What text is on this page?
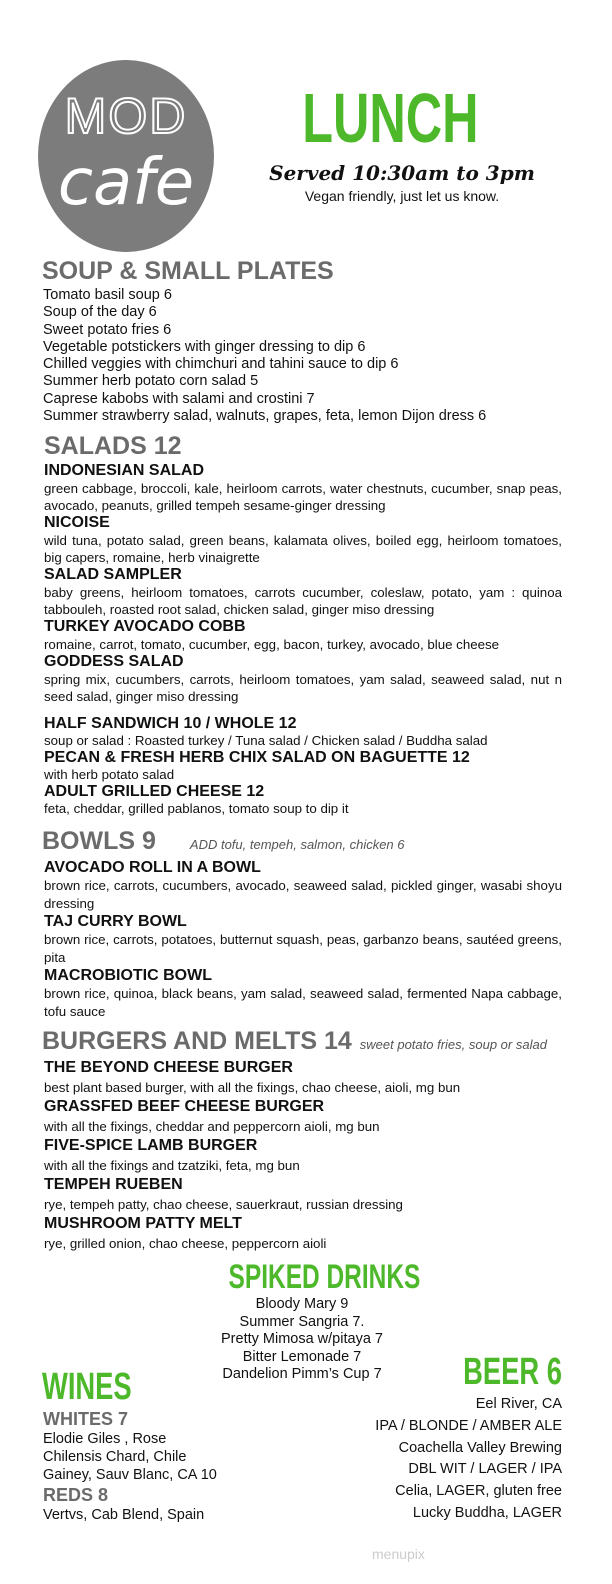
MOD
cafe
LUNCH
Served 10:30am to 3pm
Vegan friendly, just let us know.
SOUP & SMALL PLATES
Tomato basil soup 6
Soup of the day 6
Sweet potato fries 6
Vegetable potstickers with ginger dressing to dip 6
Chilled veggies with chimchuri and tahini sauce to dip 6
Summer herb potato corn salad 5
Caprese kabobs with salami and crostini 7
Summer strawberry salad, walnuts, grapes, feta, lemon Dijon dress 6
SALADS 12
INDONESIAN SALAD
green cabbage, broccoli, kale, heirloom carrots, water chestnuts, cucumber, snap peas, avocado, peanuts, grilled tempeh sesame-ginger dressing
NICOISE
wild tuna, potato salad, green beans, kalamata olives, boiled egg, heirloom tomatoes, big capers, romaine, herb vinaigrette
SALAD SAMPLER
baby greens, heirloom tomatoes, carrots cucumber, coleslaw, potato, yam : quinoa tabbouleh, roasted root salad, chicken salad, ginger miso dressing
TURKEY AVOCADO COBB
romaine, carrot, tomato, cucumber, egg, bacon, turkey, avocado, blue cheese
GODDESS SALAD
spring mix, cucumbers, carrots, heirloom tomatoes, yam salad, seaweed salad, nut n seed salad, ginger miso dressing
HALF SANDWICH 10 / WHOLE 12
soup or salad : Roasted turkey / Tuna salad / Chicken salad / Buddha salad
PECAN & FRESH HERB CHIX SALAD ON BAGUETTE 12
with herb potato salad
ADULT GRILLED CHEESE 12
feta, cheddar, grilled pablanos, tomato soup to dip it
BOWLS 9	ADD tofu, tempeh, salmon, chicken 6
AVOCADO ROLL IN A BOWL
brown rice, carrots, cucumbers, avocado, seaweed salad, pickled ginger, wasabi shoyu dressing
TAJ CURRY BOWL
brown rice, carrots, potatoes, butternut squash, peas, garbanzo beans, sautéed greens, pita
MACROBIOTIC BOWL
brown rice, quinoa, black beans, yam salad, seaweed salad, fermented Napa cabbage, tofu sauce
BURGERS AND MELTS 14 sweet potato fries, soup or salad
THE BEYOND CHEESE BURGER
best plant based burger, with all the fixings, chao cheese, aioli, mg bun
GRASSFED BEEF CHEESE BURGER
with all the fixings, cheddar and peppercorn aioli, mg bun
FIVE-SPICE LAMB BURGER
with all the fixings and tzatziki, feta, mg bun
TEMPEH RUEBEN
rye, tempeh patty, chao cheese, sauerkraut, russian dressing
MUSHROOM PATTY MELT
rye, grilled onion, chao cheese, peppercorn aioli
SPIKED DRINKS
Bloody Mary 9
Summer Sangria 7.
Pretty Mimosa w/pitaya 7
Bitter Lemonade 7
Dandelion Pimm’s Cup 7
WINES
WHITES 7
Elodie Giles , Rose
Chilensis Chard, Chile
Gainey, Sauv Blanc, CA 10
REDS 8
Vertvs, Cab Blend, Spain
BEER 6
Eel River, CA
IPA / BLONDE / AMBER ALE
Coachella Valley Brewing
DBL WIT / LAGER / IPA
Celia, LAGER, gluten free
Lucky Buddha, LAGER
menupix
